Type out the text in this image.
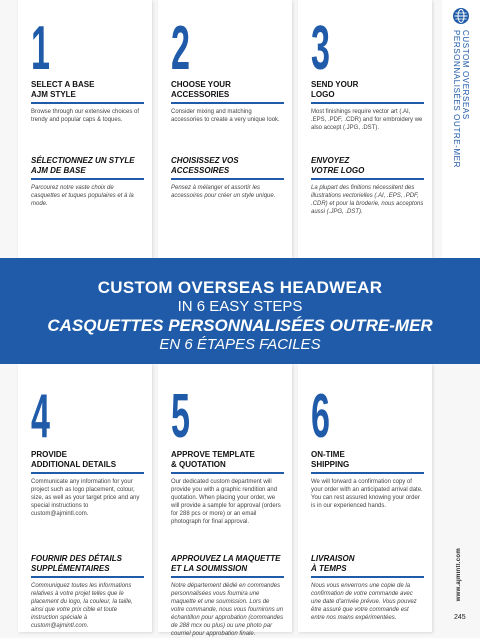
1
SELECT A BASE
AJM STYLE
Browse through our extensive choices of trendy and popular caps & toques.
SÉLECTIONNEZ UN STYLE
AJM DE BASE
Parcourez notre vaste choix de casquettes et tuques populaires et à la mode.
2
CHOOSE YOUR
ACCESSORIES
Consider mixing and matching accessories to create a very unique look.
CHOISISSEZ VOS
ACCESSOIRES
Pensez à mélanger et assortir les accessoires pour créer un style unique.
3
SEND YOUR
LOGO
Most finishings require vector art (.AI, .EPS, .PDF, .CDR) and for embroidery we also accept (.JPG, .DST).
ENVOYEZ
VOTRE LOGO
La plupart des finitions nécessitent des illustrations vectorielles (.AI, .EPS, .PDF, .CDR) et pour la broderie, nous acceptons aussi (.JPG, .DST).
CUSTOM OVERSEAS
PERSONNALISÉES OUTRE-MER
CUSTOM OVERSEAS HEADWEAR
IN 6 EASY STEPS
CASQUETTES PERSONNALISÉES OUTRE-MER
EN 6 ÉTAPES FACILES
4
PROVIDE
ADDITIONAL DETAILS
Communicate any information for your project such as logo placement, colour, size, as well as your target price and any special instructions to custom@ajmintl.com.
FOURNIR DES DÉTAILS
SUPPLÉMENTAIRES
Communiquez toutes les informations relatives à votre projet telles que le placement du logo, la couleur, la taille, ainsi que votre prix cible et toute instruction spéciale à custom@ajmintl.com.
5
APPROVE TEMPLATE
& QUOTATION
Our dedicated custom department will provide you with a graphic rendition and quotation. When placing your order, we will provide a sample for approval (orders for 288 pcs or more) or an email photograph for final approval.
APPROUVEZ LA MAQUETTE
ET LA SOUMISSION
Notre département dédié en commandes personnalisées vous fournira une maquette et une soumission. Lors de votre commande, nous vous fournirons un échantillon pour approbation (commandes de 288 mcx ou plus) ou une photo par courriel pour approbation finale.
6
ON-TIME
SHIPPING
We will forward a confirmation copy of your order with an anticipated arrival date. You can rest assured knowing your order is in our experienced hands.
LIVRAISON
À TEMPS
Nous vous enverrons une copie de la confirmation de votre commande avec une date d'arrivée prévue. Vous pouvez être assuré que votre commande est entre nos mains expérimentées.
www.ajmintl.com
245
